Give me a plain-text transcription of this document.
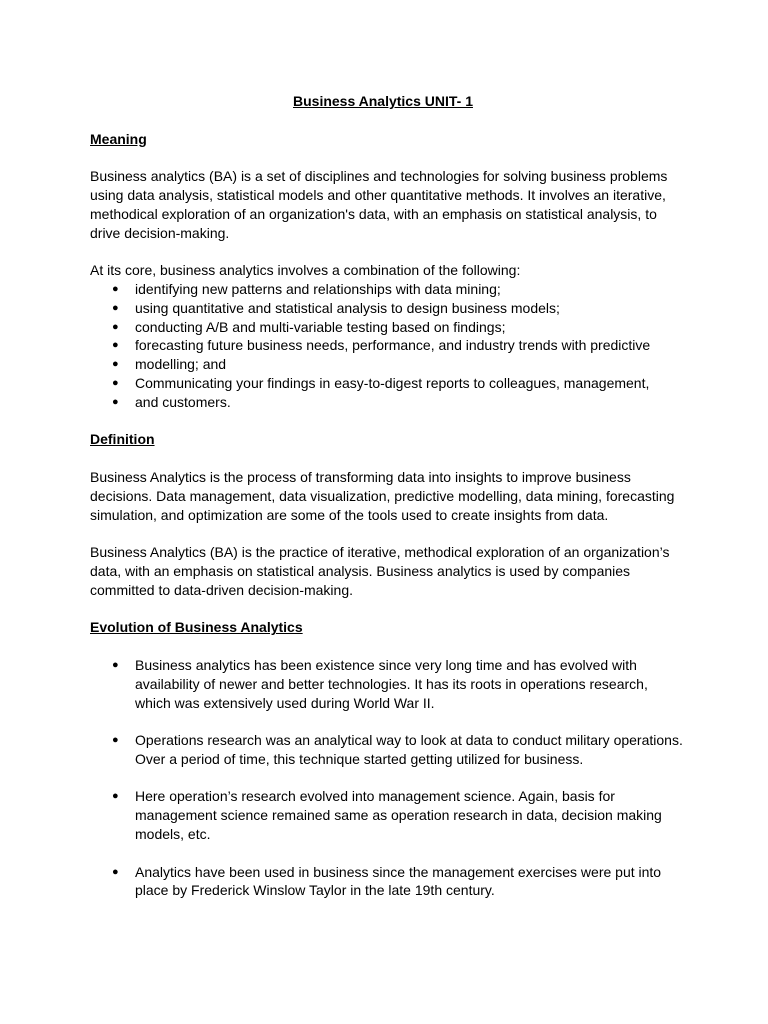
Business Analytics UNIT- 1

Meaning

Business analytics (BA) is a set of disciplines and technologies for solving business problems

using data analysis, statistical models and other quantitative methods. It involves an iterative,

methodical exploration of an organization's data, with an emphasis on statistical analysis, to

drive decision-making.

At its core, business analytics involves a combination of the following:

● identifying new patterns and relationships with data mining;
● using quantitative and statistical analysis to design business models;
● conducting A/B and multi-variable testing based on findings;
● forecasting future business needs, performance, and industry trends with predictive
● modelling; and
● Communicating your findings in easy-to-digest reports to colleagues, management,
● and customers.

Definition

Business Analytics is the process of transforming data into insights to improve business

decisions. Data management, data visualization, predictive modelling, data mining, forecasting

simulation, and optimization are some of the tools used to create insights from data.

Business Analytics (BA) is the practice of iterative, methodical exploration of an organization’s

data, with an emphasis on statistical analysis. Business analytics is used by companies

committed to data-driven decision-making.

Evolution of Business Analytics

● Business analytics has been existence since very long time and has evolved with

availability of newer and better technologies. It has its roots in operations research,

which was extensively used during World War II.

● Operations research was an analytical way to look at data to conduct military operations.

Over a period of time, this technique started getting utilized for business.

● Here operation’s research evolved into management science. Again, basis for

management science remained same as operation research in data, decision making

models, etc.

● Analytics have been used in business since the management exercises were put into

place by Frederick Winslow Taylor in the late 19th century.
